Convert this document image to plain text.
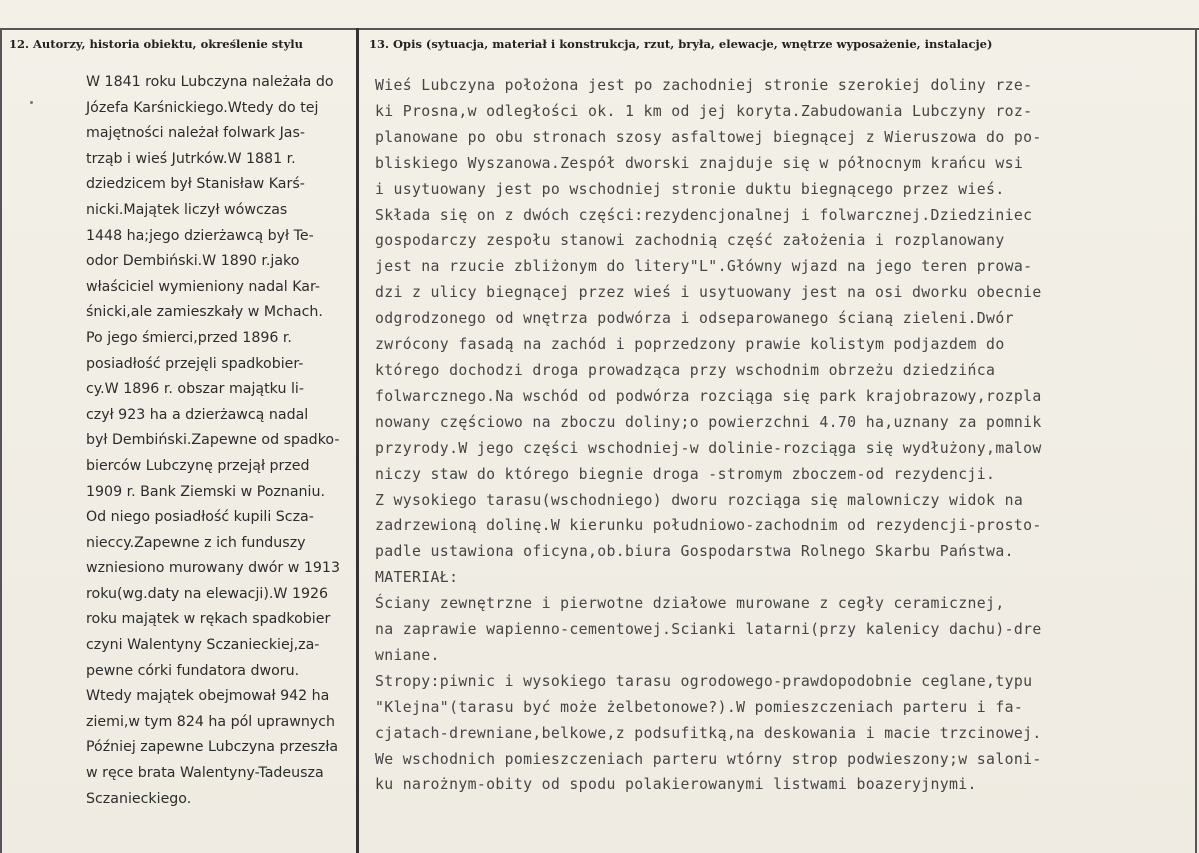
12. Autorzy, historia obiektu, określenie stylu	13. Opis (sytuacja, materiał i konstrukcja, rzut, bryła, elewacje, wnętrze wyposażenie, instalacje)
W 1841 roku Lubczyna należała do
Józefa Karśnickiego.Wtedy do tej
majętności należał folwark Jas-
trząb i wieś Jutrków.W 1881 r.
dziedzicem był Stanisław Karś-
nicki.Majątek liczył wówczas
1448 ha;jego dzierżawcą był Te-
odor Dembiński.W 1890 r.jako
właściciel wymieniony nadal Kar-
śnicki,ale zamieszkały w Mchach.
Po jego śmierci,przed 1896 r.
posiadłość przejęli spadkobier-
cy.W 1896 r. obszar majątku li-
czył 923 ha a dzierżawcą nadal
był Dembiński.Zapewne od spadko-
bierców Lubczynę przejął przed
1909 r. Bank Ziemski w Poznaniu.
Od niego posiadłość kupili Scza-
nieccy.Zapewne z ich funduszy
wzniesiono murowany dwór w 1913
roku(wg.daty na elewacji).W 1926
roku majątek w rękach spadkobier
czyni Walentyny Sczanieckiej,za-
pewne córki fundatora dworu.
Wtedy majątek obejmował 942 ha
ziemi,w tym 824 ha pól uprawnych
Później zapewne Lubczyna przeszła
w ręce brata Walentyny-Tadeusza
Sczanieckiego.
Wieś Lubczyna położona jest po zachodniej stronie szerokiej doliny rze-
ki Prosna,w odległości ok. 1 km od jej koryta.Zabudowania Lubczyny roz-
planowane po obu stronach szosy asfaltowej biegnącej z Wieruszowa do po-
bliskiego Wyszanowa.Zespół dworski znajduje się w północnym krańcu wsi
i usytuowany jest po wschodniej stronie duktu biegnącego przez wieś.
Składa się on z dwóch części:rezydencjonalnej i folwarcznej.Dziedziniec
gospodarczy zespołu stanowi zachodnią część założenia i rozplanowany
jest na rzucie zbliżonym do litery"L".Główny wjazd na jego teren prowa-
dzi z ulicy biegnącej przez wieś i usytuowany jest na osi dworku obecnie
odgrodzonego od wnętrza podwórza i odseparowanego ścianą zieleni.Dwór
zwrócony fasadą na zachód i poprzedzony prawie kolistym podjazdem do
którego dochodzi droga prowadząca przy wschodnim obrzeżu dziedzińca
folwarcznego.Na wschód od podwórza rozciąga się park krajobrazowy,rozpla
nowany częściowo na zboczu doliny;o powierzchni 4.70 ha,uznany za pomnik
przyrody.W jego części wschodniej-w dolinie-rozciąga się wydłużony,malow
niczy staw do którego biegnie droga -stromym zboczem-od rezydencji.
Z wysokiego tarasu(wschodniego) dworu rozciąga się malowniczy widok na
zadrzewioną dolinę.W kierunku południowo-zachodnim od rezydencji-prosto-
padle ustawiona oficyna,ob.biura Gospodarstwa Rolnego Skarbu Państwa.
MATERIAŁ:
Ściany zewnętrzne i pierwotne działowe murowane z cegły ceramicznej,
na zaprawie wapienno-cementowej.Scianki latarni(przy kalenicy dachu)-dre
wniane.
Stropy:piwnic i wysokiego tarasu ogrodowego-prawdopodobnie ceglane,typu
"Klejna"(tarasu być może żelbetonowe?).W pomieszczeniach parteru i fa-
cjatach-drewniane,belkowe,z podsufitką,na deskowania i macie trzcinowej.
We wschodnich pomieszczeniach parteru wtórny strop podwieszony;w saloni-
ku narożnym-obity od spodu polakierowanymi listwami boazeryjnymi.
